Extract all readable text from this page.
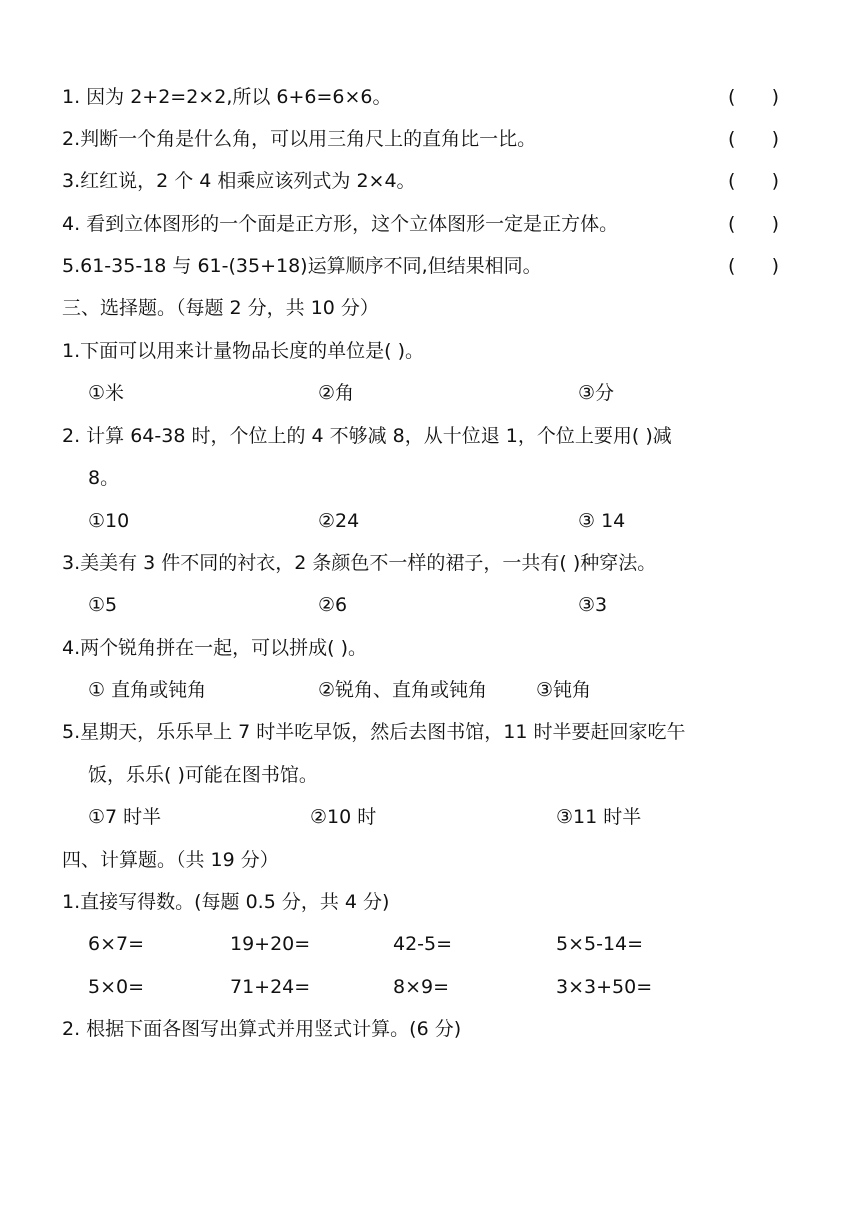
1. 因为 2+2=2×2,所以 6+6=6×6。	(      )
2.判断一个角是什么角，可以用三角尺上的直角比一比。	(      )
3.红红说，2 个 4 相乘应该列式为 2×4。	(      )
4. 看到立体图形的一个面是正方形，这个立体图形一定是正方体。	(      )
5.61-35-18 与 61-(35+18)运算顺序不同,但结果相同。	(      )
三、选择题。（每题 2 分，共 10 分）
1.下面可以用来计量物品长度的单位是( )。
①米	②角	③分
2. 计算 64-38 时，个位上的 4 不够减 8，从十位退 1，个位上要用( )减
8。
①10	②24	③ 14
3.美美有 3 件不同的衬衣，2 条颜色不一样的裙子，一共有( )种穿法。
①5	②6	③3
4.两个锐角拼在一起，可以拼成( )。
① 直角或钝角	②锐角、直角或钝角	③钝角
5.星期天，乐乐早上 7 时半吃早饭，然后去图书馆，11 时半要赶回家吃午
饭，乐乐( )可能在图书馆。
①7 时半	②10 时	③11 时半
四、计算题。（共 19 分）
1.直接写得数。(每题 0.5 分，共 4 分)
6×7=	19+20=	42-5=	5×5-14=
5×0=	71+24=	8×9=	3×3+50=
2. 根据下面各图写出算式并用竖式计算。(6 分)
